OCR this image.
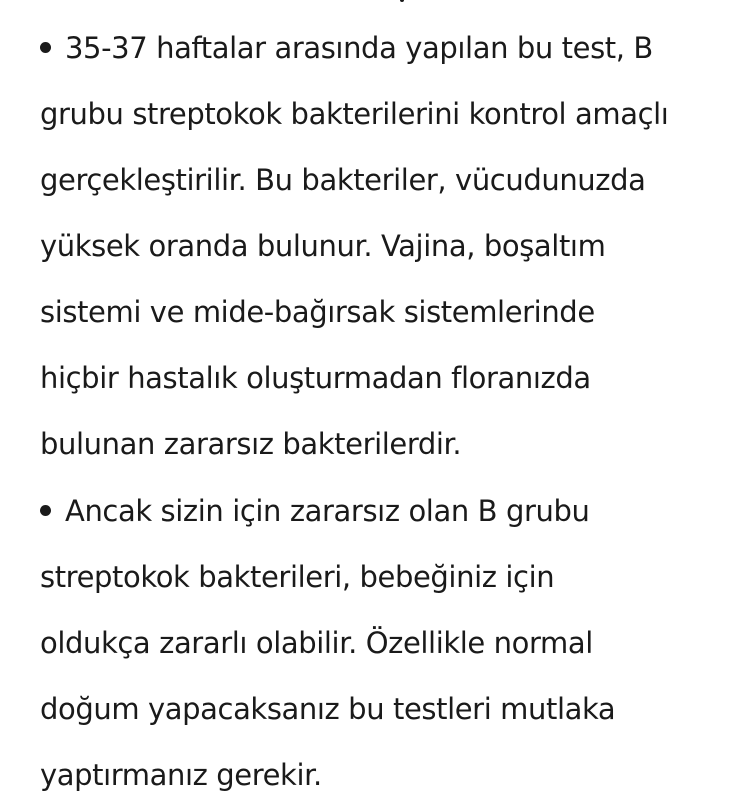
35-37 haftalar arasında yapılan bu test, B
grubu streptokok bakterilerini kontrol amaçlı
gerçekleştirilir. Bu bakteriler, vücudunuzda
yüksek oranda bulunur. Vajina, boşaltım
sistemi ve mide-bağırsak sistemlerinde
hiçbir hastalık oluşturmadan floranızda
bulunan zararsız bakterilerdir.
Ancak sizin için zararsız olan B grubu
streptokok bakterileri, bebeğiniz için
oldukça zararlı olabilir. Özellikle normal
doğum yapacaksanız bu testleri mutlaka
yaptırmanız gerekir.
